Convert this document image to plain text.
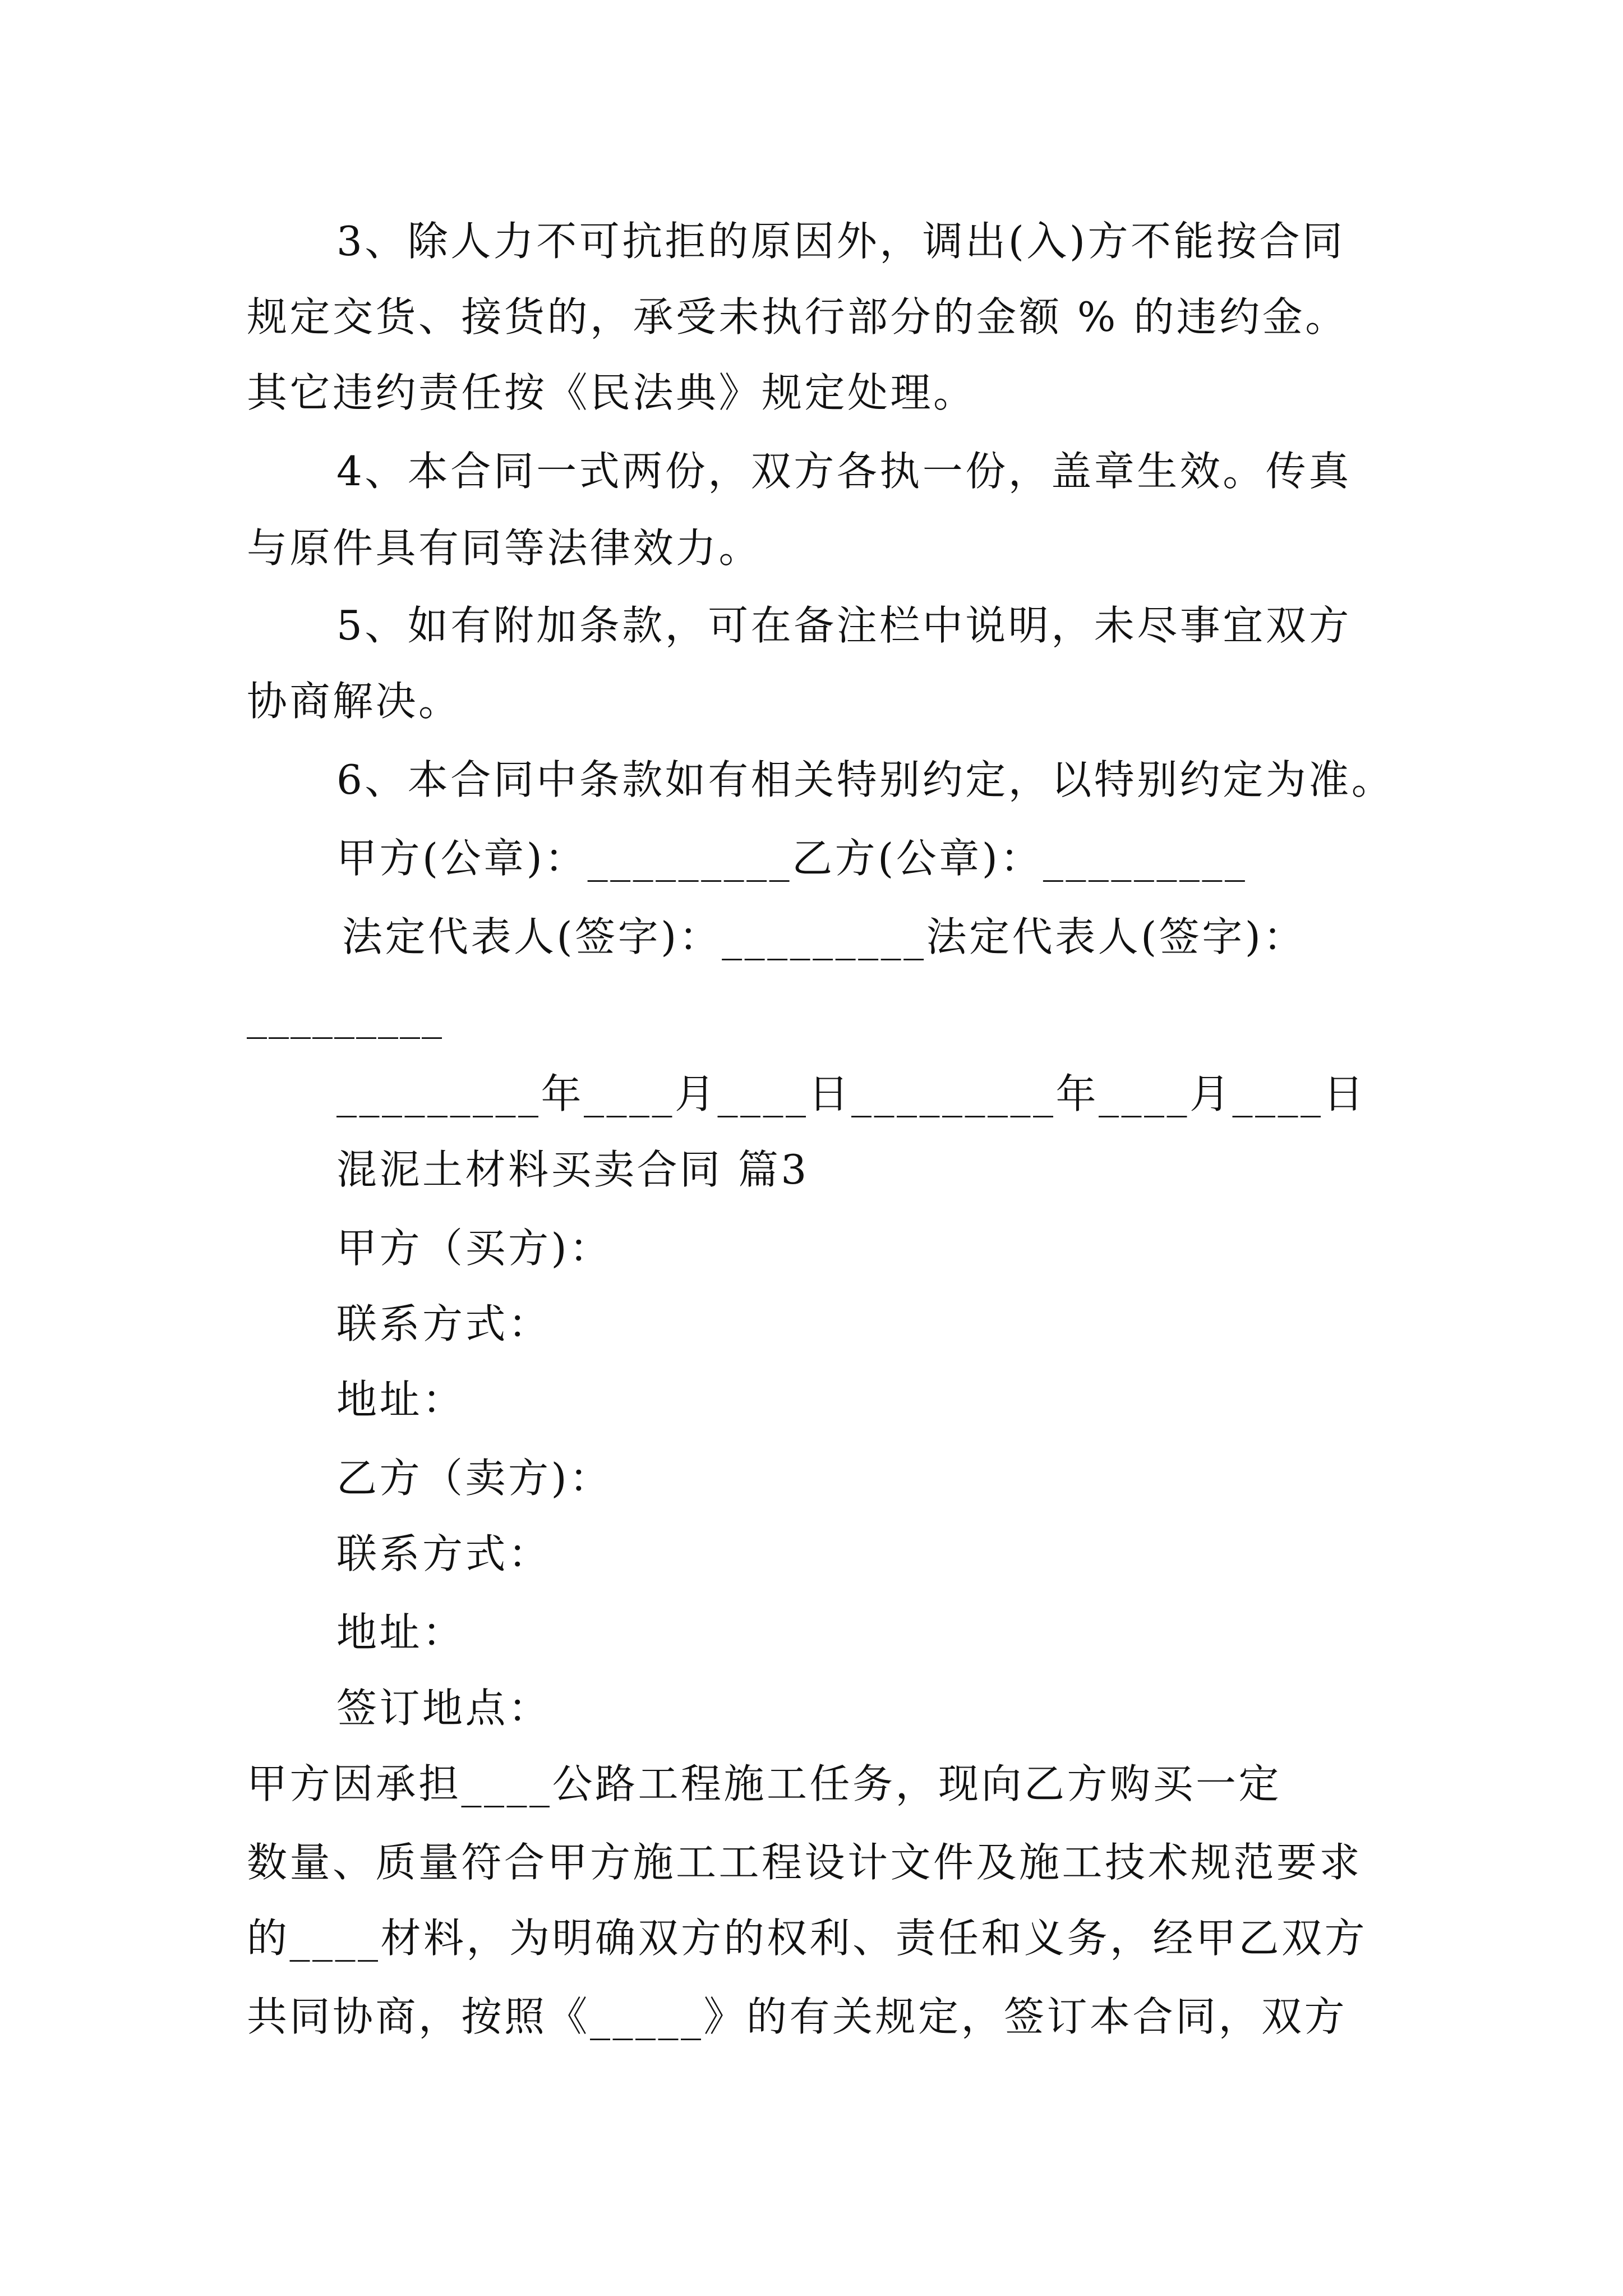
3、除人力不可抗拒的原因外，调出(入)方不能按合同
规定交货、接货的，承受未执行部分的金额 % 的违约金。
其它违约责任按《民法典》规定处理。
4、本合同一式两份，双方各执一份，盖章生效。传真
与原件具有同等法律效力。
5、如有附加条款，可在备注栏中说明，未尽事宜双方
协商解决。
6、本合同中条款如有相关特别约定，以特别约定为准。
甲方(公章)：_________乙方(公章)：_________
法定代表人(签字)：_________法定代表人(签字)：
_________
_________年____月____日_________年____月____日
混泥土材料买卖合同 篇3
甲方（买方)：
联系方式：
地址：
乙方（卖方)：
联系方式：
地址：
签订地点：
甲方因承担____公路工程施工任务，现向乙方购买一定
数量、质量符合甲方施工工程设计文件及施工技术规范要求
的____材料，为明确双方的权利、责任和义务，经甲乙双方
共同协商，按照《_____》的有关规定，签订本合同，双方
